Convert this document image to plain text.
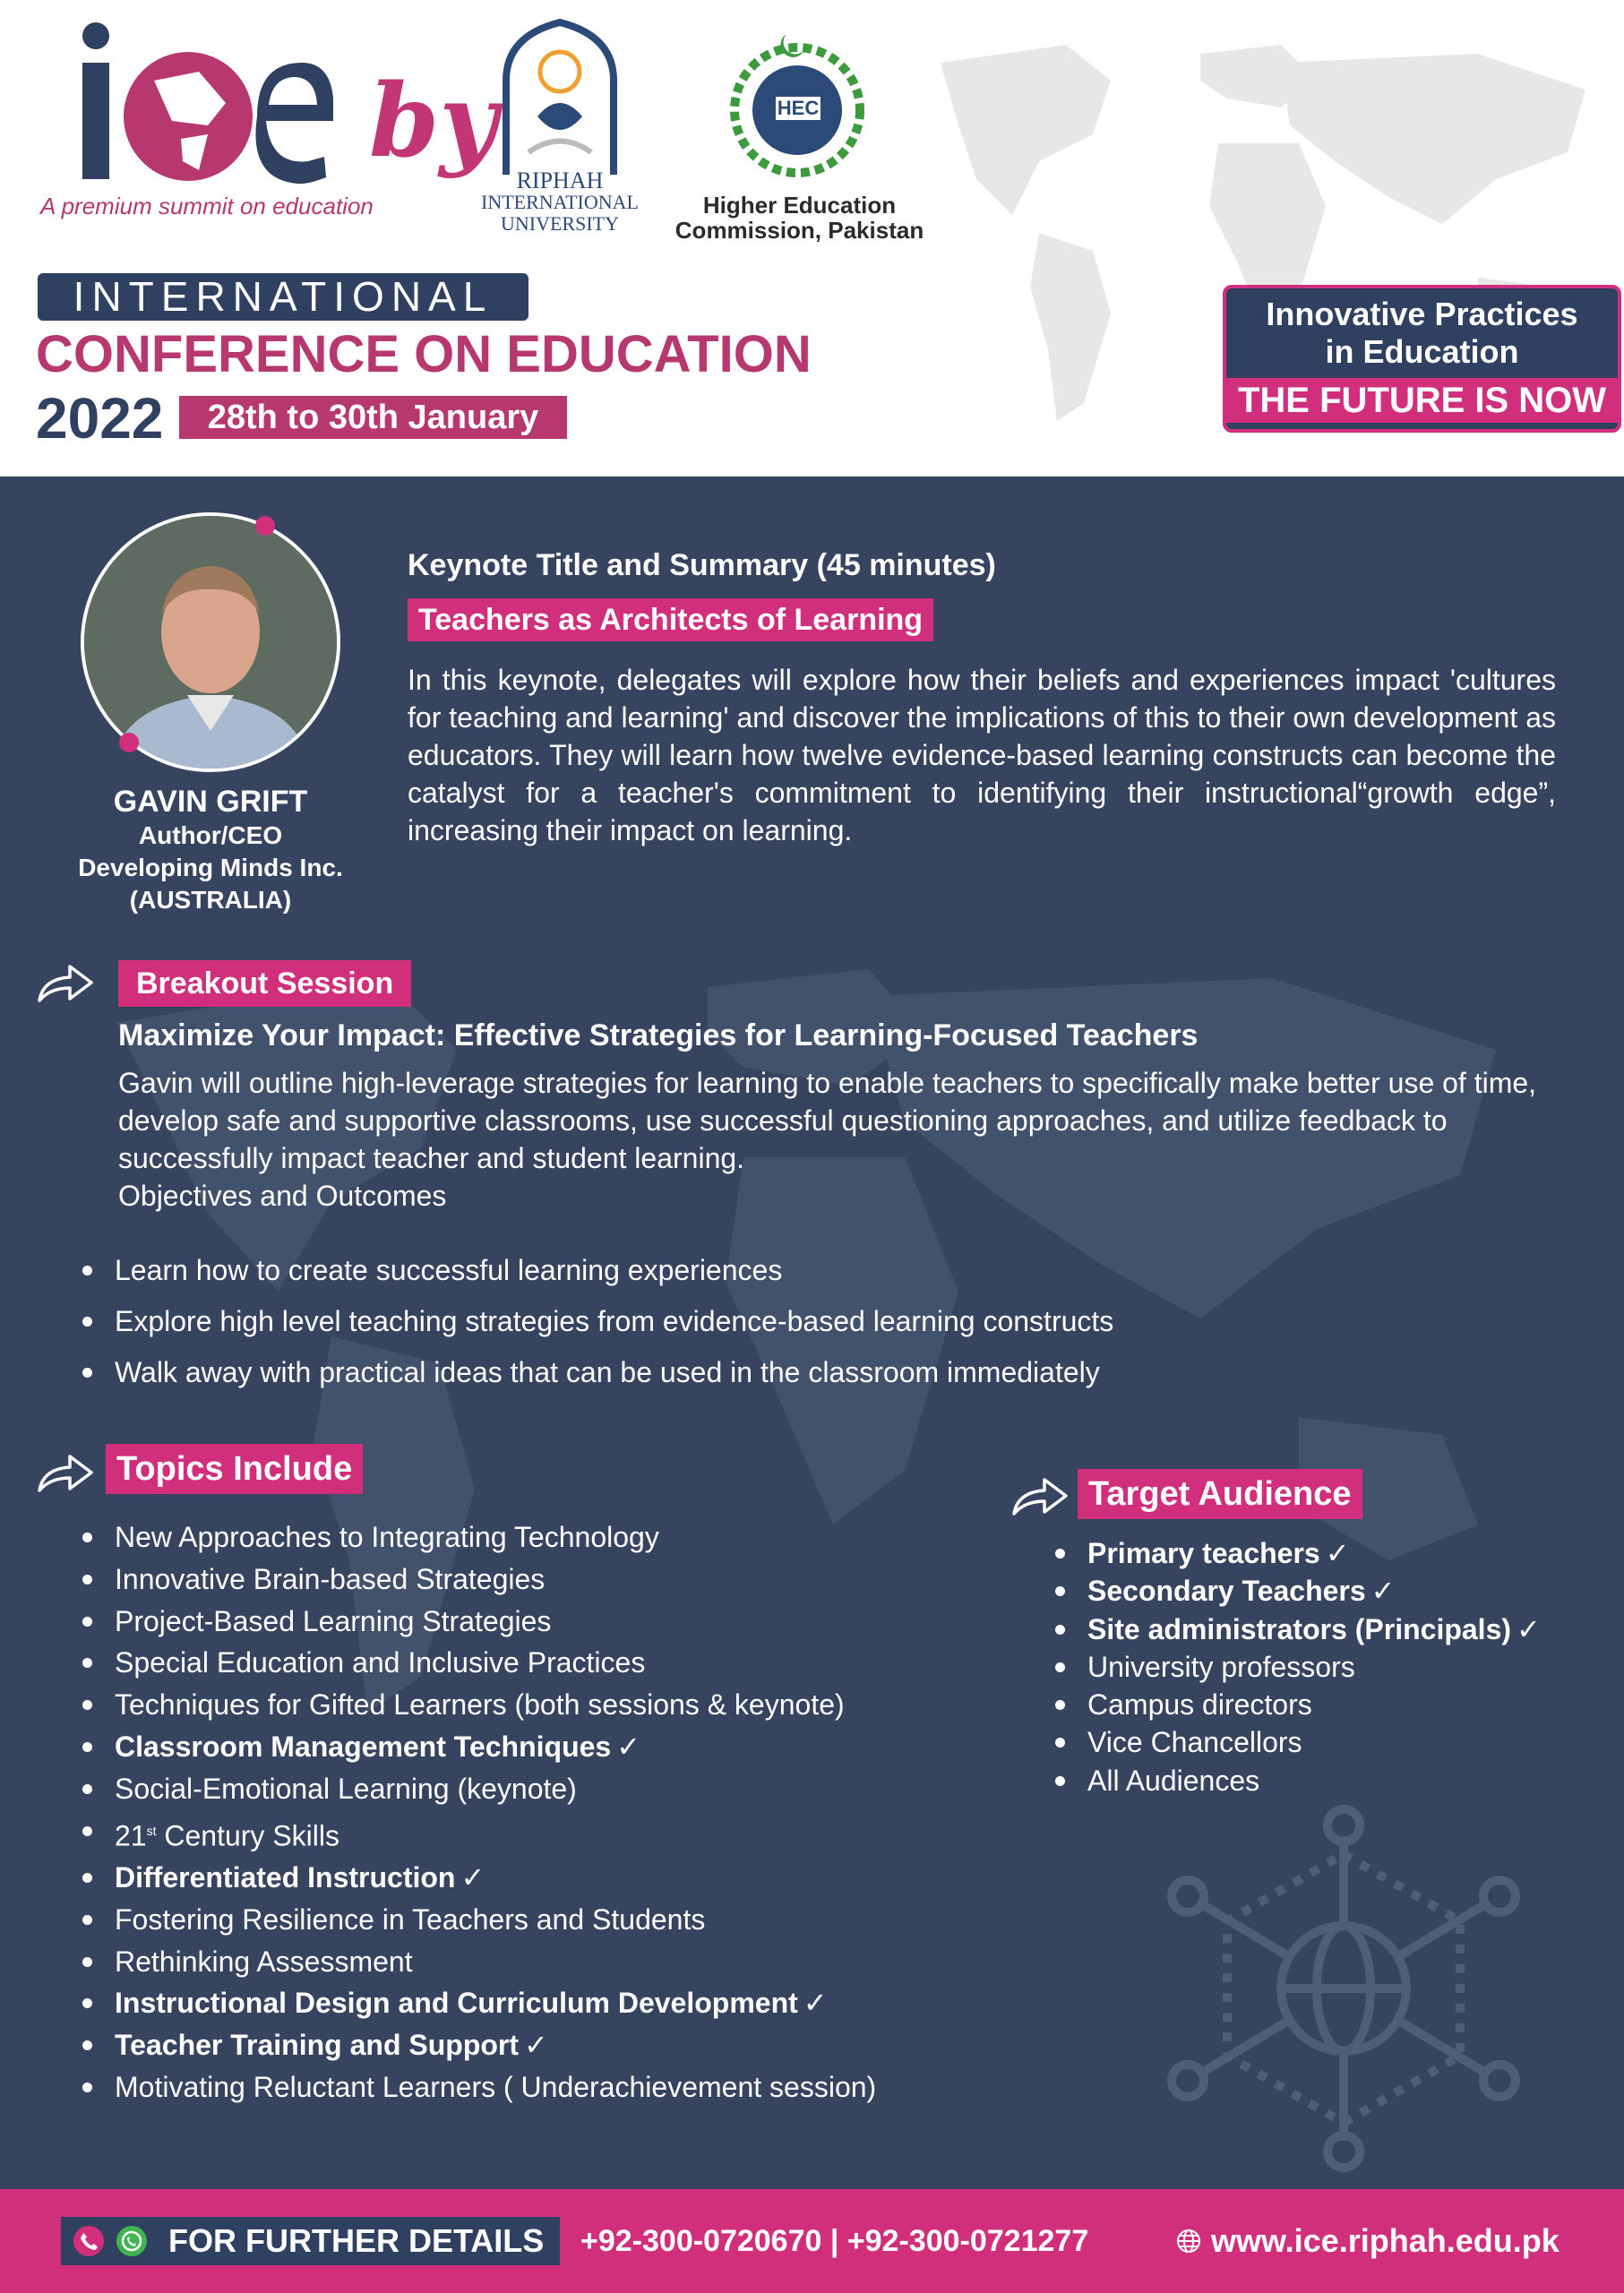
A premium summit on education
by
RIPHAH
INTERNATIONAL
UNIVERSITY
HEC
Higher Education
Commission, Pakistan
INTERNATIONAL
CONFERENCE ON EDUCATION
2022	28th to 30th January
Innovative Practices
in Education
THE FUTURE IS NOW
GAVIN GRIFT
Author/CEO
Developing Minds Inc.
(AUSTRALIA)
Keynote Title and Summary (45 minutes)
Teachers as Architects of Learning
In this keynote, delegates will explore how their beliefs and experiences impact 'cultures for teaching and learning' and discover the implications of this to their own development as educators. They will learn how twelve evidence-based learning constructs can become the catalyst for a teacher's commitment to identifying their instructional“growth edge”, increasing their impact on learning.
Breakout Session
Maximize Your Impact: Effective Strategies for Learning-Focused Teachers
Gavin will outline high-leverage strategies for learning to enable teachers to specifically make better use of time, develop safe and supportive classrooms, use successful questioning approaches, and utilize feedback to successfully impact teacher and student learning.
Objectives and Outcomes
Learn how to create successful learning experiences
Explore high level teaching strategies from evidence-based learning constructs
Walk away with practical ideas that can be used in the classroom immediately
Topics Include
New Approaches to Integrating Technology
Innovative Brain-based Strategies
Project-Based Learning Strategies
Special Education and Inclusive Practices
Techniques for Gifted Learners (both sessions & keynote)
Classroom Management Techniques ✓
Social-Emotional Learning (keynote)
21st Century Skills
Differentiated Instruction ✓
Fostering Resilience in Teachers and Students
Rethinking Assessment
Instructional Design and Curriculum Development ✓
Teacher Training and Support ✓
Motivating Reluctant Learners ( Underachievement session)
Target Audience
Primary teachers ✓
Secondary Teachers ✓
Site administrators (Principals) ✓
University professors
Campus directors
Vice Chancellors
All Audiences
FOR FURTHER DETAILS +92-300-0720670 | +92-300-0721277	www.ice.riphah.edu.pk
